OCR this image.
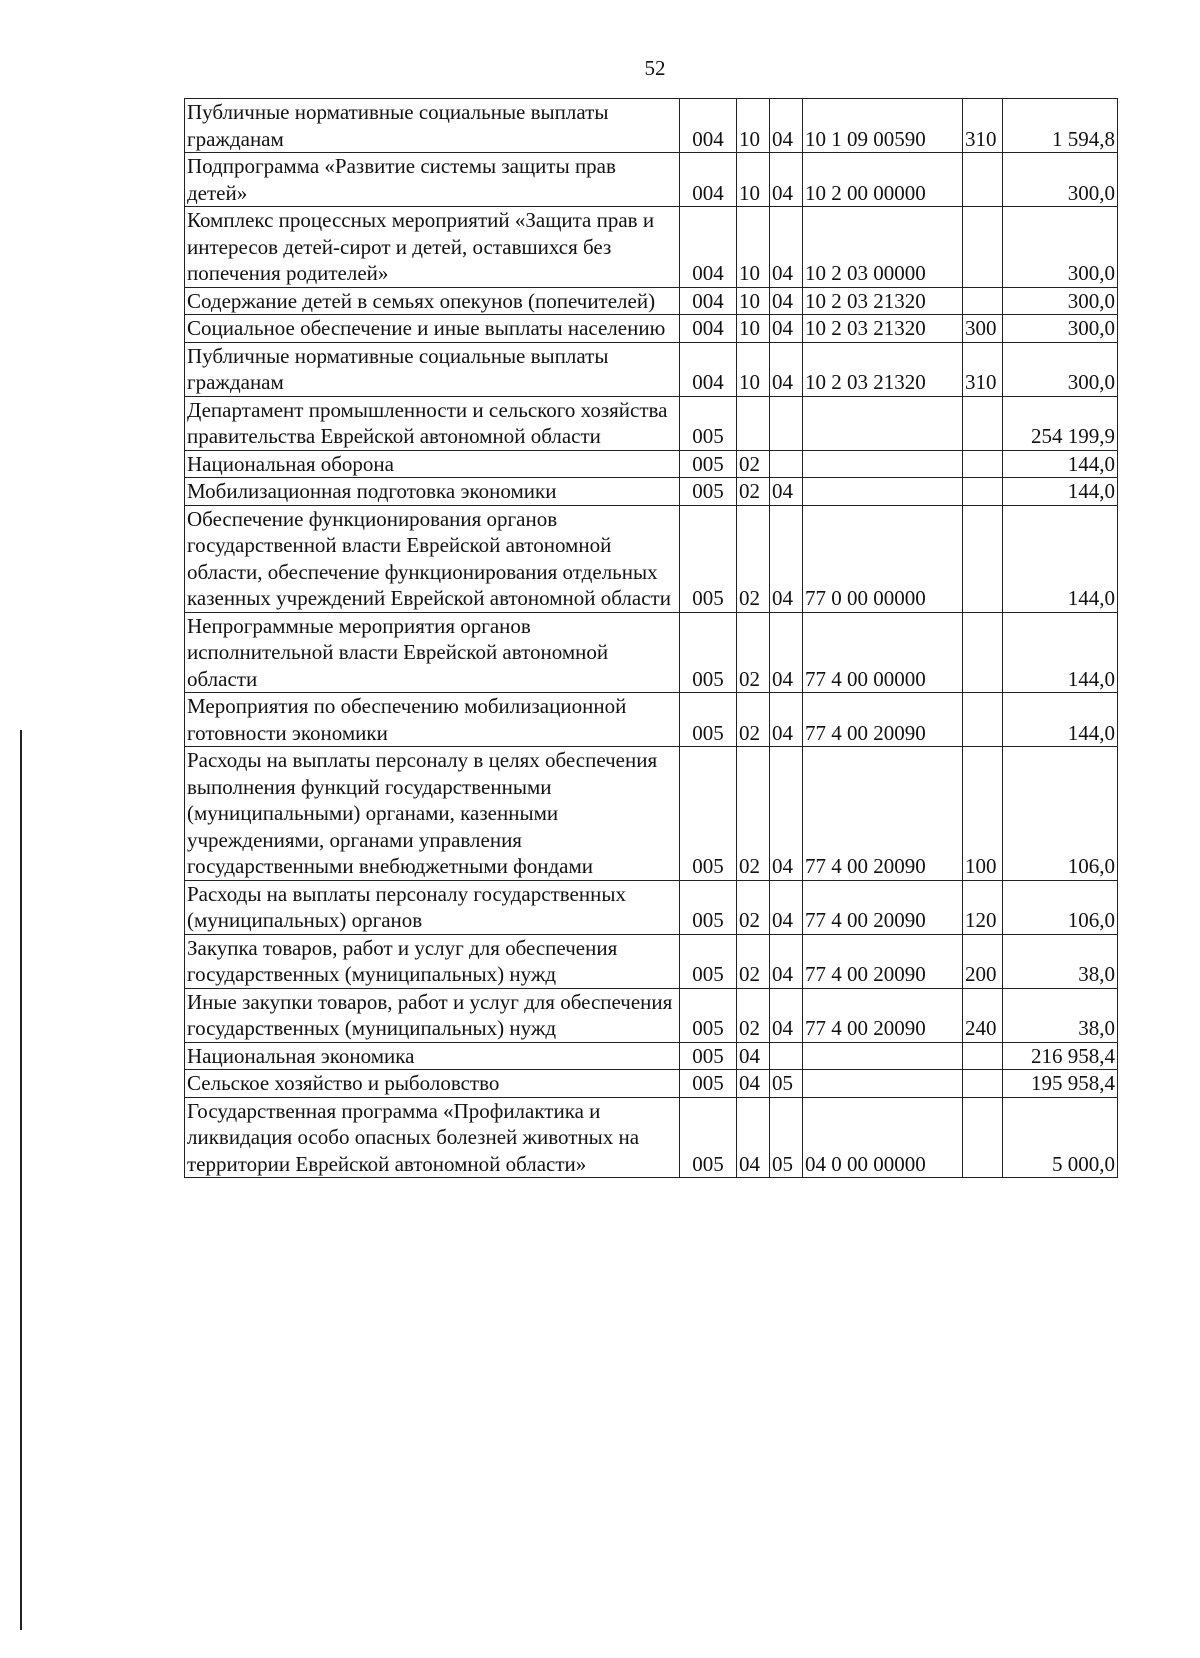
52
Публичные нормативные социальные выплаты гражданам	004	10	04	10 1 09 00590	310	1 594,8
Подпрограмма «Развитие системы защиты прав детей»	004	10	04	10 2 00 00000		300,0
Комплекс процессных мероприятий «Защита прав и интересов детей-сирот и детей, оставшихся без попечения родителей»	004	10	04	10 2 03 00000		300,0
Содержание детей в семьях опекунов (попечителей)	004	10	04	10 2 03 21320		300,0
Социальное обеспечение и иные выплаты населению	004	10	04	10 2 03 21320	300	300,0
Публичные нормативные социальные выплаты гражданам	004	10	04	10 2 03 21320	310	300,0
Департамент промышленности и сельского хозяйства правительства Еврейской автономной области	005					254 199,9
Национальная оборона	005	02				144,0
Мобилизационная подготовка экономики	005	02	04			144,0
Обеспечение функционирования органов государственной власти Еврейской автономной области, обеспечение функционирования отдельных казенных учреждений Еврейской автономной области	005	02	04	77 0 00 00000		144,0
Непрограммные мероприятия органов исполнительной власти Еврейской автономной области	005	02	04	77 4 00 00000		144,0
Мероприятия по обеспечению мобилизационной готовности экономики	005	02	04	77 4 00 20090		144,0
Расходы на выплаты персоналу в целях обеспечения выполнения функций государственными (муниципальными) органами, казенными учреждениями, органами управления государственными внебюджетными фондами	005	02	04	77 4 00 20090	100	106,0
Расходы на выплаты персоналу государственных (муниципальных) органов	005	02	04	77 4 00 20090	120	106,0
Закупка товаров, работ и услуг для обеспечения государственных (муниципальных) нужд	005	02	04	77 4 00 20090	200	38,0
Иные закупки товаров, работ и услуг для обеспечения государственных (муниципальных) нужд	005	02	04	77 4 00 20090	240	38,0
Национальная экономика	005	04				216 958,4
Сельское хозяйство и рыболовство	005	04	05			195 958,4
Государственная программа «Профилактика и ликвидация особо опасных болезней животных на территории Еврейской автономной области»	005	04	05	04 0 00 00000		5 000,0
